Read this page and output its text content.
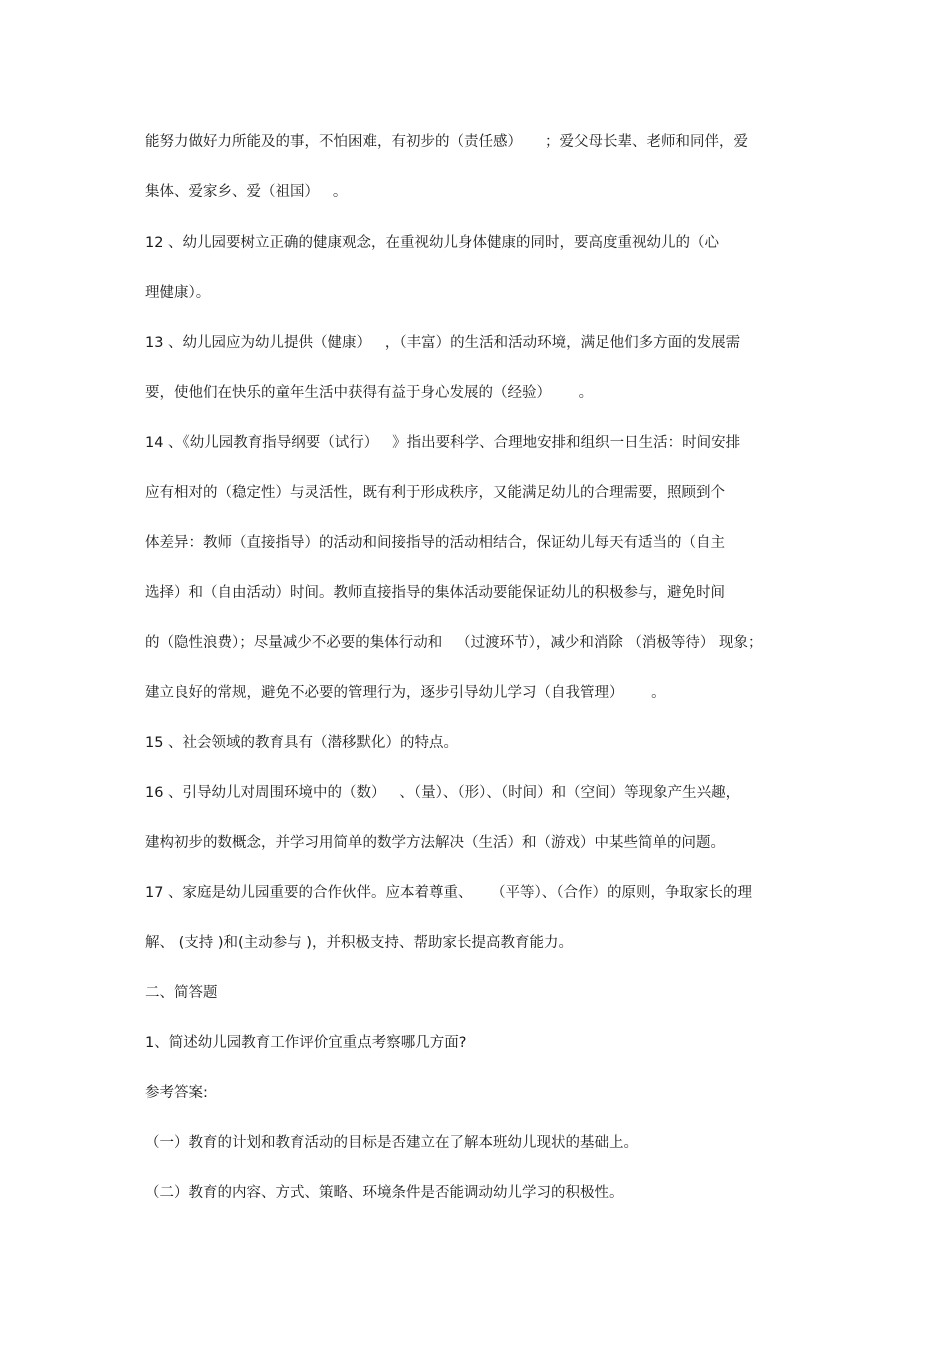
能努力做好力所能及的事，不怕困难，有初步的（责任感）     ；爱父母长辈、老师和同伴，爱
集体、爱家乡、爱（祖国）   。
12 、幼儿园要树立正确的健康观念，在重视幼儿身体健康的同时，要高度重视幼儿的（心
理健康）。
13 、幼儿园应为幼儿提供（健康）   ，（丰富）的生活和活动环境，满足他们多方面的发展需
要，使他们在快乐的童年生活中获得有益于身心发展的（经验）      。
14 、《幼儿园教育指导纲要（试行）   》指出要科学、合理地安排和组织一日生活：时间安排
应有相对的（稳定性）与灵活性，既有利于形成秩序，又能满足幼儿的合理需要，照顾到个
体差异：教师（直接指导）的活动和间接指导的活动相结合，保证幼儿每天有适当的（自主
选择）和（自由活动）时间。教师直接指导的集体活动要能保证幼儿的积极参与，避免时间
的（隐性浪费）；尽量减少不必要的集体行动和   （过渡环节），减少和消除 （消极等待） 现象；
建立良好的常规，避免不必要的管理行为，逐步引导幼儿学习（自我管理）      。
15 、社会领域的教育具有（潜移默化）的特点。
16 、引导幼儿对周围环境中的（数）   、（量）、（形）、（时间）和（空间）等现象产生兴趣，
建构初步的数概念，并学习用简单的数学方法解决（生活）和（游戏）中某些简单的问题。
17 、家庭是幼儿园重要的合作伙伴。应本着尊重、    （平等）、（合作）的原则，争取家长的理
解、 (支持 )和(主动参与 )，并积极支持、帮助家长提高教育能力。
二、简答题
1、简述幼儿园教育工作评价宜重点考察哪几方面?
参考答案:
（一）教育的计划和教育活动的目标是否建立在了解本班幼儿现状的基础上。
（二）教育的内容、方式、策略、环境条件是否能调动幼儿学习的积极性。
